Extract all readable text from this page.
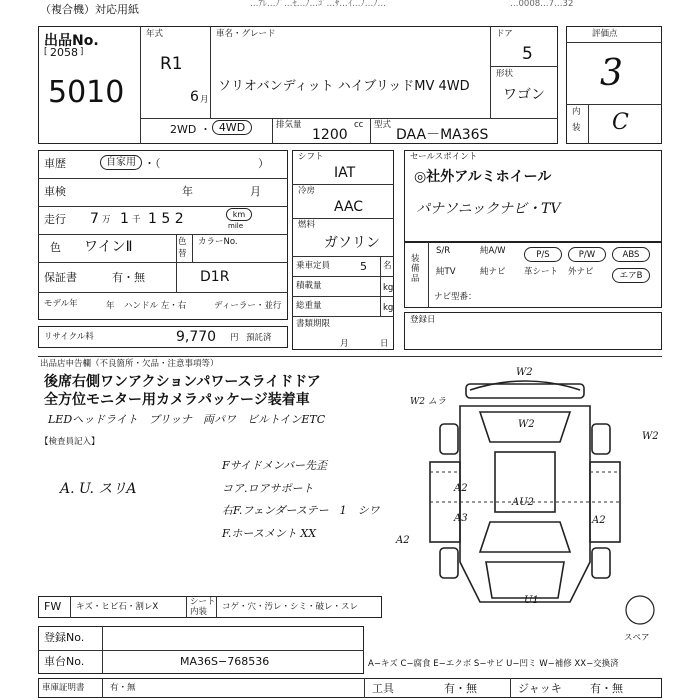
（複合機）対応用紙	…ｱﾚ…ﾉﾞ…ｾ…ﾉ…ｺﾞ…ｻ…ｲ…ﾉ…ﾉ…	…0008…7…32
出品No.
[ 2058 ]
5010
年式
R1
6 月
車名・グレード
ソリオバンディット ハイブリッドMV 4WD
ドア
5
形状
ワゴン
2WD ・ 4WD	排気量	cc
1200
型式
DAA－MA36S
評価点
3
内
装 C
車歴	自家用 ・（	）
車検	年	月
走行 7 万 1 千 1 5 2	km
mile
色 ワインⅡ	色
替
カラーNo.
保証書	有・無	D1R
モデル年	年 ハンドル 左・右	ディーラー・並行
リサイクル料	9,770 円 預託済
シフト
IAT
冷房
AAC
燃料
ガソリン
乗車定員	5 名
積載量	kg
総重量	kg
書類期限
月	日
セールスポイント
◎社外アルミホイール
パナソニックナビ・TV
装備品
S/R	純A/W	P/S	P/W	ABS
純TV	純ナビ 革シート 外ナビ	エアB
ナビ型番：
登録日
出品店申告欄（不良箇所・欠品・注意事項等）
後席右側ワンアクションパワースライドドア
全方位モニター用カメラパッケージ装着車
LEDヘッドライト　ブリッナ　両パワ　ビルトインETC
【検査員記入】
A. U. スリA
Fサイドメンバー先歪
コア.ロアサポート
右F.フェンダーステー　1　シワ
F.ホースメント XX
W2
W2
W2
W2 ムラ
A2
A3
AU2
A2
A2
U1
スペア
FW キズ・ヒビ石・割レX	シート
内装 コゲ・穴・汚レ・シミ・破レ・スレ
登録No.
車台No.	MA36S−768536	A−キズ C−腐食 E−エクボ S−サビ U−凹ミ W−補修 XX−交換済
車庫証明書	有・無	工具	有・無	ジャッキ	有・無
